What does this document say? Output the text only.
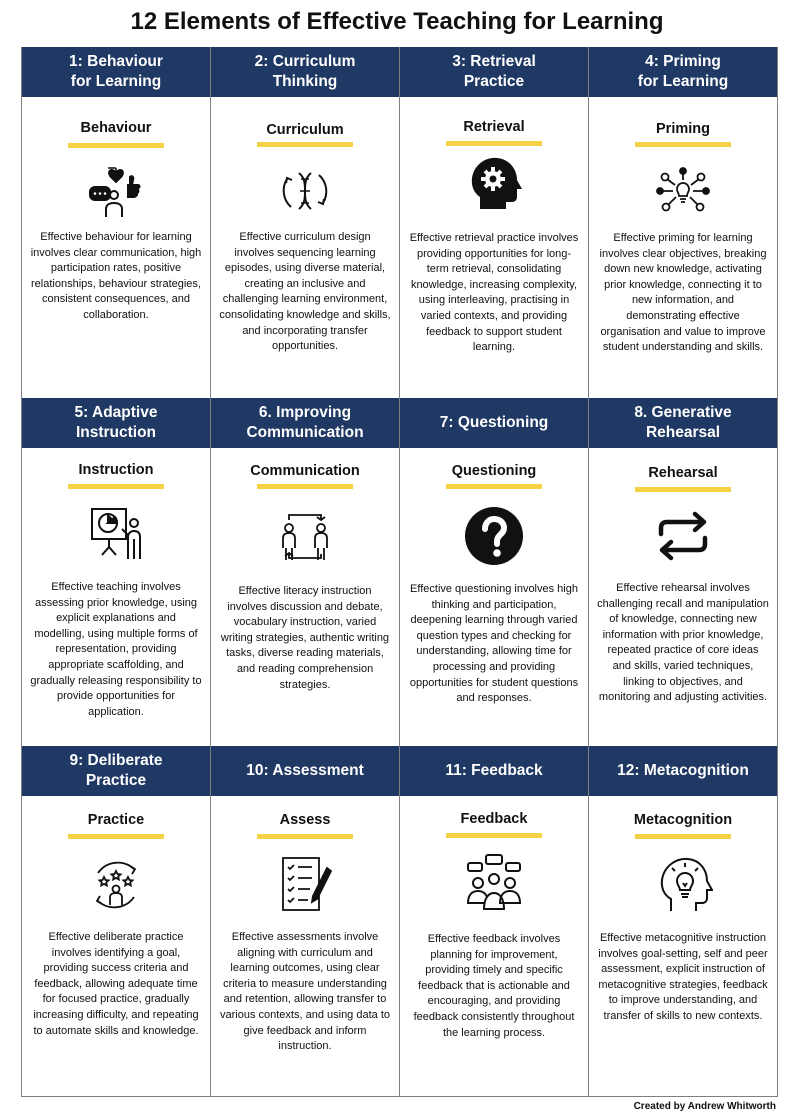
12 Elements of Effective Teaching for Learning
1: Behaviour
for Learning
Behaviour
Effective behaviour for learning involves clear communication, high participation rates, positive relationships, behaviour strategies, consistent consequences, and collaboration.
2: Curriculum
Thinking
Curriculum
Effective curriculum design involves sequencing learning episodes, using diverse material, creating an inclusive and challenging learning environment, consolidating knowledge and skills, and incorporating transfer opportunities.
3: Retrieval
Practice
Retrieval
Effective retrieval practice involves providing opportunities for long-term retrieval, consolidating knowledge, increasing complexity, using interleaving, practising in varied contexts, and providing feedback to support student learning.
4: Priming
for Learning
Priming
Effective priming for learning involves clear objectives, breaking down new knowledge, activating prior knowledge, connecting it to new information, and demonstrating effective organisation and value to improve student understanding and skills.
5: Adaptive
Instruction
Instruction
Effective teaching involves assessing prior knowledge, using explicit explanations and modelling, using multiple forms of representation, providing appropriate scaffolding, and gradually releasing responsibility to provide opportunities for application.
6. Improving
Communication
Communication
Effective literacy instruction involves discussion and debate, vocabulary instruction, varied writing strategies, authentic writing tasks, diverse reading materials, and reading comprehension strategies.
7: Questioning
Questioning
Effective questioning involves high thinking and participation, deepening learning through varied question types and checking for understanding, allowing time for processing and providing opportunities for student questions and responses.
8. Generative
Rehearsal
Rehearsal
Effective rehearsal involves challenging recall and manipulation of knowledge, connecting new information with prior knowledge, repeated practice of core ideas and skills, varied techniques, linking to objectives, and monitoring and adjusting activities.
9: Deliberate
Practice
Practice
Effective deliberate practice involves identifying a goal, providing success criteria and feedback, allowing adequate time for focused practice, gradually increasing difficulty, and repeating to automate skills and knowledge.
10: Assessment
Assess
Effective assessments involve aligning with curriculum and learning outcomes, using clear criteria to measure understanding and retention, allowing transfer to various contexts, and using data to give feedback and inform instruction.
11: Feedback
Feedback
Effective feedback involves planning for improvement, providing timely and specific feedback that is actionable and encouraging, and providing feedback consistently throughout the learning process.
12: Metacognition
Metacognition
Effective metacognitive instruction involves goal-setting, self and peer assessment, explicit instruction of metacognitive strategies, feedback to improve understanding, and transfer of skills to new contexts.
Created by Andrew Whitworth
